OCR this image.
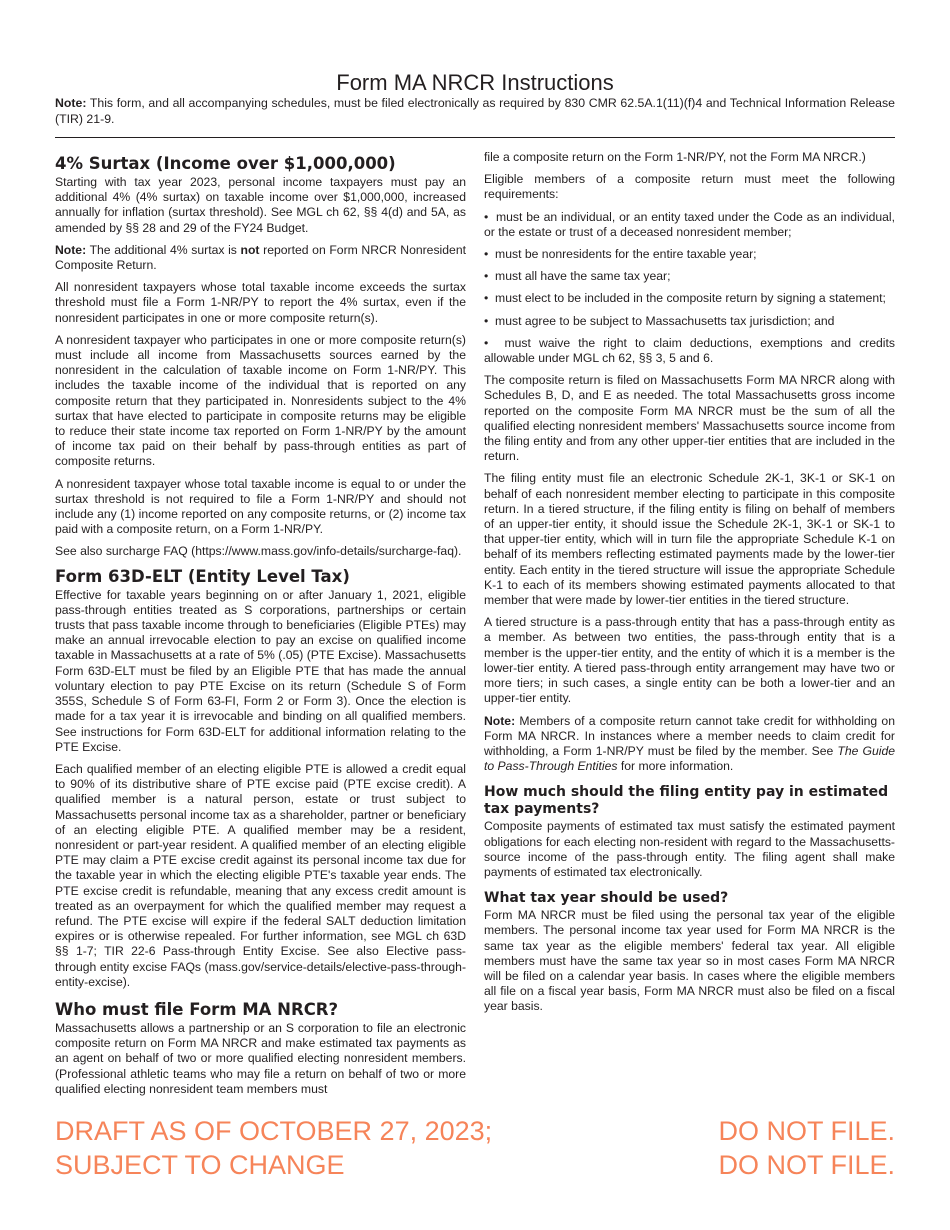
Form MA NRCR Instructions
Note: This form, and all accompanying schedules, must be filed electronically as required by 830 CMR 62.5A.1(11)(f)4 and Technical Information Release (TIR) 21-9.
4% Surtax (Income over $1,000,000)

Starting with tax year 2023, personal income taxpayers must pay an additional 4% (4% surtax) on taxable income over $1,000,000, increased annually for inflation (surtax threshold). See MGL ch 62, §§ 4(d) and 5A, as amended by §§ 28 and 29 of the FY24 Budget.

Note: The additional 4% surtax is not reported on Form NRCR Nonresident Composite Return.

All nonresident taxpayers whose total taxable income exceeds the surtax threshold must file a Form 1-NR/PY to report the 4% surtax, even if the nonresident participates in one or more composite return(s).

A nonresident taxpayer who participates in one or more composite return(s) must include all income from Massachusetts sources earned by the nonresident in the calculation of taxable income on Form 1-NR/PY. This includes the taxable income of the individual that is reported on any composite return that they participated in. Nonresidents subject to the 4% surtax that have elected to participate in composite returns may be eligible to reduce their state income tax reported on Form 1-NR/PY by the amount of income tax paid on their behalf by pass-through entities as part of composite returns.

A nonresident taxpayer whose total taxable income is equal to or under the surtax threshold is not required to file a Form 1-NR/PY and should not include any (1) income reported on any composite returns, or (2) income tax paid with a composite return, on a Form 1-NR/PY.

See also surcharge FAQ (https://www.mass.gov/info-details/surcharge-faq).

Form 63D-ELT (Entity Level Tax)

Effective for taxable years beginning on or after January 1, 2021, eligible pass-through entities treated as S corporations, partnerships or certain trusts that pass taxable income through to beneficiaries (Eligible PTEs) may make an annual irrevocable election to pay an excise on qualified income taxable in Massachusetts at a rate of 5% (.05) (PTE Excise). Massachusetts Form 63D-ELT must be filed by an Eligible PTE that has made the annual voluntary election to pay PTE Excise on its return (Schedule S of Form 355S, Schedule S of Form 63-FI, Form 2 or Form 3). Once the election is made for a tax year it is irrevocable and binding on all qualified members. See instructions for Form 63D-ELT for additional information relating to the PTE Excise.

Each qualified member of an electing eligible PTE is allowed a credit equal to 90% of its distributive share of PTE excise paid (PTE excise credit). A qualified member is a natural person, estate or trust subject to Massachusetts personal income tax as a shareholder, partner or beneficiary of an electing eligible PTE. A qualified member may be a resident, nonresident or part-year resident. A qualified member of an electing eligible PTE may claim a PTE excise credit against its personal income tax due for the taxable year in which the electing eligible PTE's taxable year ends. The PTE excise credit is refundable, meaning that any excess credit amount is treated as an overpayment for which the qualified member may request a refund. The PTE excise will expire if the federal SALT deduction limitation expires or is otherwise repealed. For further information, see MGL ch 63D §§ 1-7; TIR 22-6 Pass-through Entity Excise. See also Elective pass-through entity excise FAQs (mass.gov/service-details/elective-pass-through-entity-excise).

Who must file Form MA NRCR?

Massachusetts allows a partnership or an S corporation to file an electronic composite return on Form MA NRCR and make estimated tax payments as an agent on behalf of two or more qualified electing nonresident members. (Professional athletic teams who may file a return on behalf of two or more qualified electing nonresident team members must

file a composite return on the Form 1-NR/PY, not the Form MA NRCR.)

Eligible members of a composite return must meet the following requirements:

•  must be an individual, or an entity taxed under the Code as an individual, or the estate or trust of a deceased nonresident member;

•  must be nonresidents for the entire taxable year;

•  must all have the same tax year;

•  must elect to be included in the composite return by signing a statement;

•  must agree to be subject to Massachusetts tax jurisdiction; and

•  must waive the right to claim deductions, exemptions and credits allowable under MGL ch 62, §§ 3, 5 and 6.

The composite return is filed on Massachusetts Form MA NRCR along with Schedules B, D, and E as needed. The total Massachusetts gross income reported on the composite Form MA NRCR must be the sum of all the qualified electing nonresident members' Massachusetts source income from the filing entity and from any other upper-tier entities that are included in the return.

The filing entity must file an electronic Schedule 2K-1, 3K-1 or SK-1 on behalf of each nonresident member electing to participate in this composite return. In a tiered structure, if the filing entity is filing on behalf of members of an upper-tier entity, it should issue the Schedule 2K-1, 3K-1 or SK-1 to that upper-tier entity, which will in turn file the appropriate Schedule K-1 on behalf of its members reflecting estimated payments made by the lower-tier entity. Each entity in the tiered structure will issue the appropriate Schedule K-1 to each of its members showing estimated payments allocated to that member that were made by lower-tier entities in the tiered structure.

A tiered structure is a pass-through entity that has a pass-through entity as a member. As between two entities, the pass-through entity that is a member is the upper-tier entity, and the entity of which it is a member is the lower-tier entity. A tiered pass-through entity arrangement may have two or more tiers; in such cases, a single entity can be both a lower-tier and an upper-tier entity.

Note: Members of a composite return cannot take credit for withholding on Form MA NRCR. In instances where a member needs to claim credit for withholding, a Form 1-NR/PY must be filed by the member. See The Guide to Pass-Through Entities for more information.

How much should the filing entity pay in estimated tax payments?

Composite payments of estimated tax must satisfy the estimated payment obligations for each electing non-resident with regard to the Massachusetts-source income of the pass-through entity. The filing agent shall make payments of estimated tax electronically.

What tax year should be used?

Form MA NRCR must be filed using the personal tax year of the eligible members. The personal income tax year used for Form MA NRCR is the same tax year as the eligible members' federal tax year. All eligible members must have the same tax year so in most cases Form MA NRCR will be filed on a calendar year basis. In cases where the eligible members all file on a fiscal year basis, Form MA NRCR must also be filed on a fiscal year basis.

DRAFT AS OF OCTOBER 27, 2023;	DO NOT FILE.
SUBJECT TO CHANGE	DO NOT FILE.
